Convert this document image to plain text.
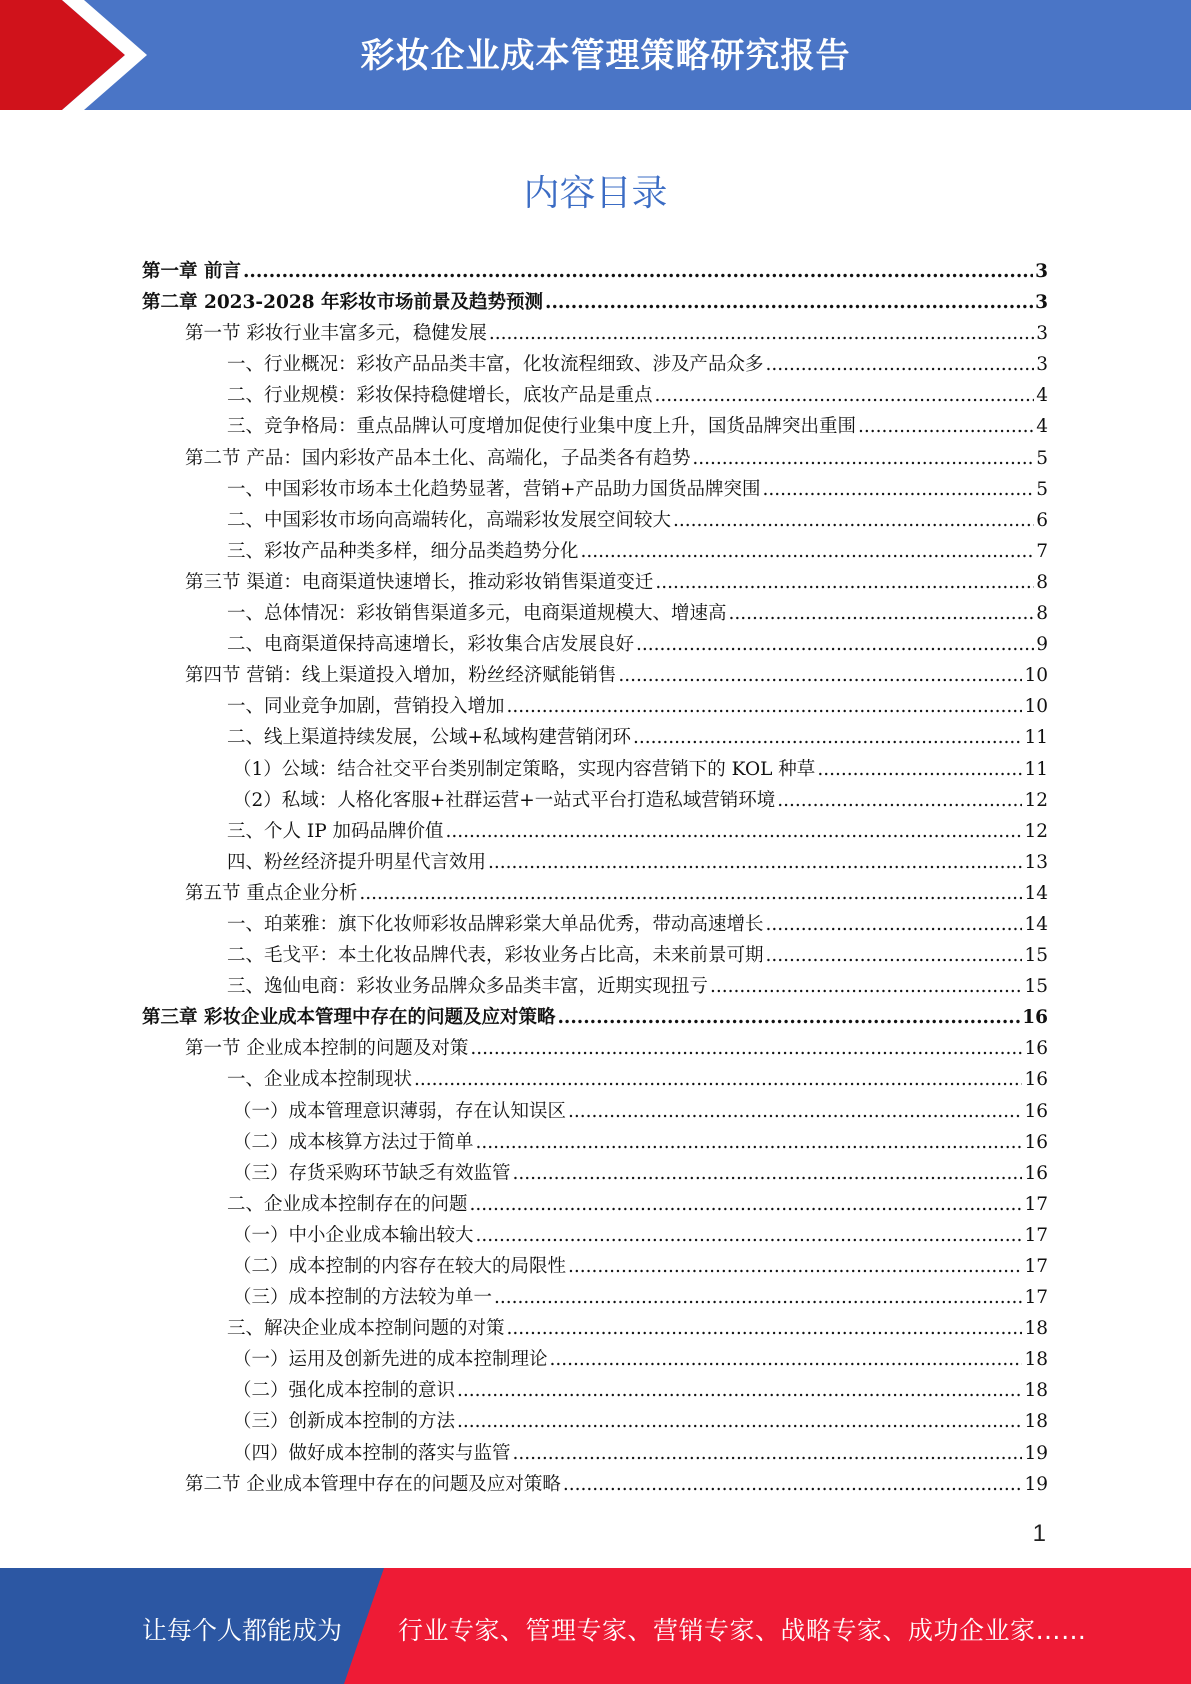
彩妆企业成本管理策略研究报告
内容目录
第一章 前言 .....	3
第二章 2023-2028 年彩妆市场前景及趋势预测 .....	3
第一节 彩妆行业丰富多元，稳健发展 .....	3
一、行业概况：彩妆产品品类丰富，化妆流程细致、涉及产品众多 .....	3
二、行业规模：彩妆保持稳健增长，底妆产品是重点 .....	4
三、竞争格局：重点品牌认可度增加促使行业集中度上升，国货品牌突出重围 .....	4
第二节 产品：国内彩妆产品本土化、高端化，子品类各有趋势 .....	5
一、中国彩妆市场本土化趋势显著，营销+产品助力国货品牌突围 .....	5
二、中国彩妆市场向高端转化，高端彩妆发展空间较大 .....	6
三、彩妆产品种类多样，细分品类趋势分化 .....	7
第三节 渠道：电商渠道快速增长，推动彩妆销售渠道变迁 .....	8
一、总体情况：彩妆销售渠道多元，电商渠道规模大、增速高 .....	8
二、电商渠道保持高速增长，彩妆集合店发展良好 .....	9
第四节 营销：线上渠道投入增加，粉丝经济赋能销售 .....	10
一、同业竞争加剧，营销投入增加 .....	10
二、线上渠道持续发展，公域+私域构建营销闭环 .....	11
（1）公域：结合社交平台类别制定策略，实现内容营销下的 KOL 种草 .....	11
（2）私域：人格化客服+社群运营+一站式平台打造私域营销环境 .....	12
三、个人 IP 加码品牌价值 .....	12
四、粉丝经济提升明星代言效用 .....	13
第五节 重点企业分析 .....	14
一、珀莱雅：旗下化妆师彩妆品牌彩棠大单品优秀，带动高速增长 .....	14
二、毛戈平：本土化妆品牌代表，彩妆业务占比高，未来前景可期 .....	15
三、逸仙电商：彩妆业务品牌众多品类丰富，近期实现扭亏 .....	15
第三章 彩妆企业成本管理中存在的问题及应对策略 .....	16
第一节 企业成本控制的问题及对策 .....	16
一、企业成本控制现状 .....	16
（一）成本管理意识薄弱，存在认知误区 .....	16
（二）成本核算方法过于简单 .....	16
（三）存货采购环节缺乏有效监管 .....	16
二、企业成本控制存在的问题 .....	17
（一）中小企业成本输出较大 .....	17
（二）成本控制的内容存在较大的局限性 .....	17
（三）成本控制的方法较为单一 .....	17
三、解决企业成本控制问题的对策 .....	18
（一）运用及创新先进的成本控制理论 .....	18
（二）强化成本控制的意识 .....	18
（三）创新成本控制的方法 .....	18
（四）做好成本控制的落实与监管 .....	19
第二节 企业成本管理中存在的问题及应对策略 .....	19
1
让每个人都能成为 行业专家、管理专家、营销专家、战略专家、成功企业家……
